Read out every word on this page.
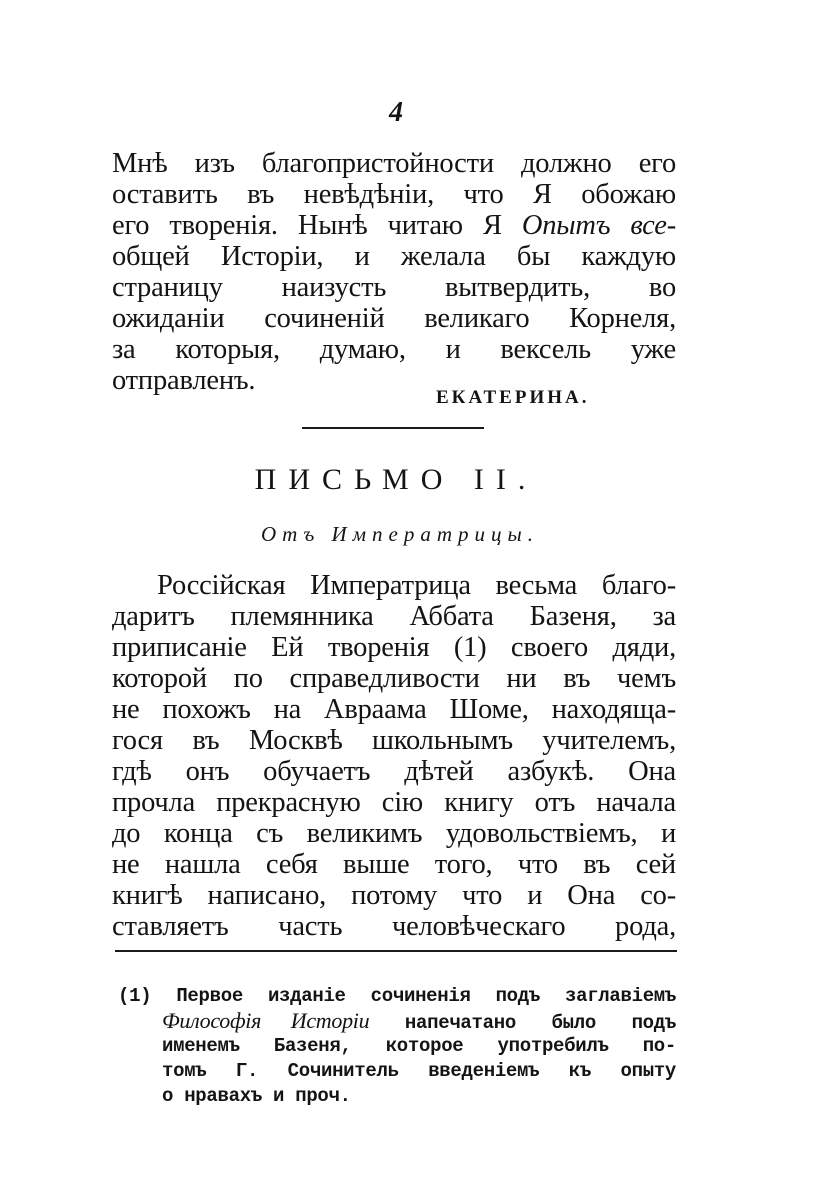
4
Мнѣ изъ благопристойности должно его
оставить въ невѣдѣніи, что Я обожаю
его творенія. Нынѣ читаю Я Опытъ все-
общей Исторіи, и желала бы каждую
страницу наизусть вытвердить, во
ожиданіи сочиненій великаго Корнеля,
за которыя, думаю, и вексель уже
отправленъ.
ЕКАТЕРИНА.
ПИСЬМО II.
Отъ Императрицы.
Россійская Императрица весьма благо-
даритъ племянника Аббата Базеня, за
приписаніе Ей творенія (1) своего дяди,
которой по справедливости ни въ чемъ
не похожъ на Авраама Шоме, находяща-
гося въ Москвѣ школьнымъ учителемъ,
гдѣ онъ обучаетъ дѣтей азбукѣ. Она
прочла прекрасную сію книгу отъ начала
до конца съ великимъ удовольствіемъ, и
не нашла себя выше того, что въ сей
книгѣ написано, потому что и Она со-
ставляетъ часть человѣческаго рода,
(1) Первое изданіе сочиненія подъ заглавіемъ
Философія Исторіи напечатано было подъ
именемъ Базеня, которое употребилъ по-
томъ Г. Сочинитель введеніемъ къ опыту
о нравахъ и проч.
